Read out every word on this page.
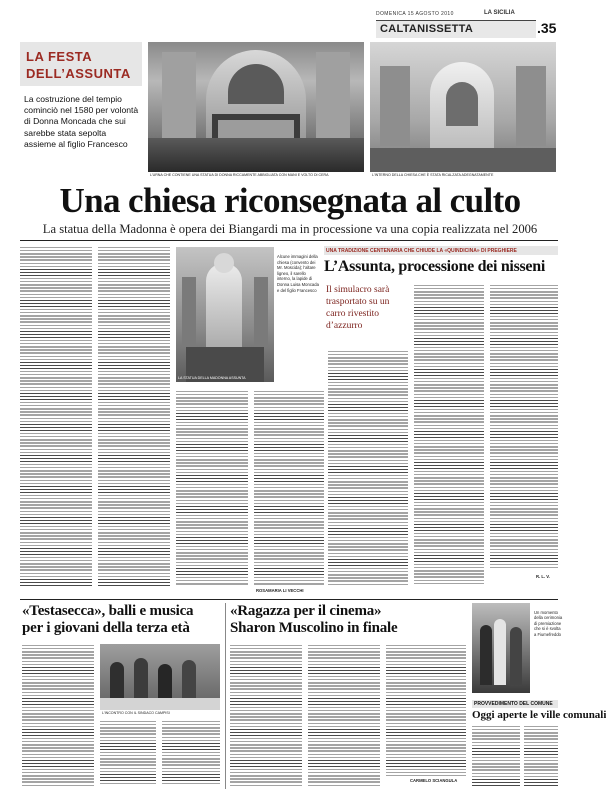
DOMENICA 15 AGOSTO 2010	LA SICILIA
CALTANISSETTA	.35
LA FESTA
DELL’ASSUNTA
La costruzione del tempio cominciò nel 1580 per volontà di Donna Moncada che sui sarebbe stata sepolta assieme al figlio Francesco
L’URNA CHE CONTIENE UNA STATUA DI DONNA RICCAMENTE ABBIGLIATA CON MANI E VOLTO DI CERA	L’INTERNO DELLA CHIESA CHE È STATA RICALZATA ADEGNATAMENTE
Una chiesa riconsegnata al culto
La statua della Madonna è opera dei Biangardi ma in processione va una copia realizzata nel 2006
LA STATUA DELLA MADONNA ASSUNTA
Alcune immagini della chiesa (convento dei Mr. Moscida); l’altare ligneo, il sarello interno, la lapide di Donna Luisa Moncada e del figlio Francesco
UNA TRADIZIONE CENTENARIA CHE CHIUDE LA «QUINDICINA» DI PREGHIERE
L’Assunta, processione dei nisseni
Il simulacro sarà trasportato su un carro rivestito d’azzurro
ROSAMARIA LI VECCHI
R. L. V.
«Testasecca», balli e musica
per i giovani della terza età
L’INCONTRO CON IL SINDACO CAMPISI
«Ragazza per il cinema»
Sharon Muscolino in finale
CARMELO SCIANGULA
Un momento della cerimonia di premiazione che si è svolta a Fiumefreddo
PROVVEDIMENTO DEL COMUNE
Oggi aperte le ville comunali
